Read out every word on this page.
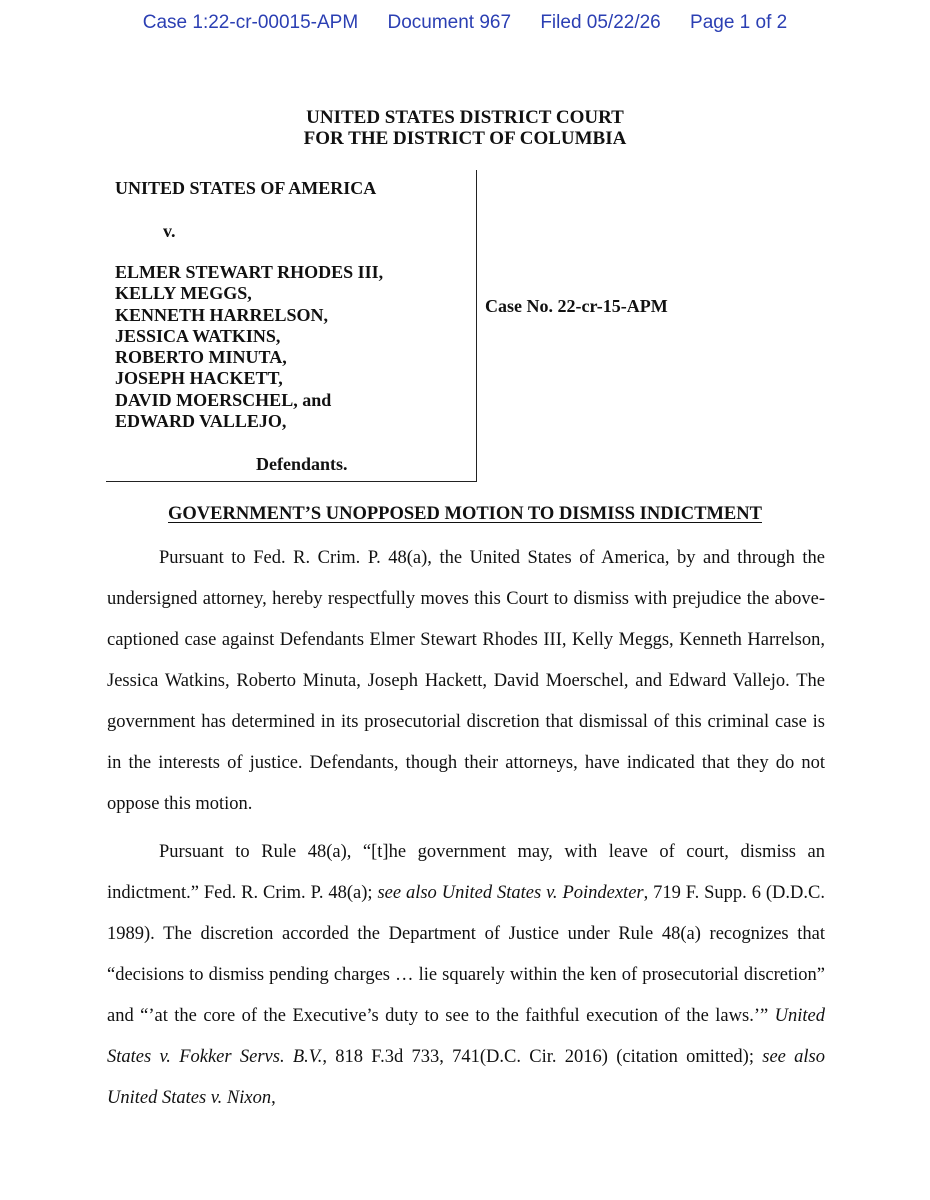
Case 1:22-cr-00015-APM Document 967 Filed 05/22/26 Page 1 of 2
UNITED STATES DISTRICT COURT
FOR THE DISTRICT OF COLUMBIA
UNITED STATES OF AMERICA
v.
ELMER STEWART RHODES III,
KELLY MEGGS,
KENNETH HARRELSON,
JESSICA WATKINS,
ROBERTO MINUTA,
JOSEPH HACKETT,
DAVID MOERSCHEL, and
EDWARD VALLEJO,
Defendants.
Case No. 22-cr-15-APM
GOVERNMENT’S UNOPPOSED MOTION TO DISMISS INDICTMENT

Pursuant to Fed. R. Crim. P. 48(a), the United States of America, by and through the undersigned attorney, hereby respectfully moves this Court to dismiss with prejudice the above-captioned case against Defendants Elmer Stewart Rhodes III, Kelly Meggs, Kenneth Harrelson, Jessica Watkins, Roberto Minuta, Joseph Hackett, David Moerschel, and Edward Vallejo. The government has determined in its prosecutorial discretion that dismissal of this criminal case is in the interests of justice. Defendants, though their attorneys, have indicated that they do not oppose this motion.

Pursuant to Rule 48(a), “[t]he government may, with leave of court, dismiss an indictment.” Fed. R. Crim. P. 48(a); see also United States v. Poindexter, 719 F. Supp. 6 (D.D.C. 1989). The discretion accorded the Department of Justice under Rule 48(a) recognizes that “decisions to dismiss pending charges … lie squarely within the ken of prosecutorial discretion” and “’at the core of the Executive’s duty to see to the faithful execution of the laws.’” United States v. Fokker Servs. B.V., 818 F.3d 733, 741(D.C. Cir. 2016) (citation omitted); see also United States v. Nixon,
